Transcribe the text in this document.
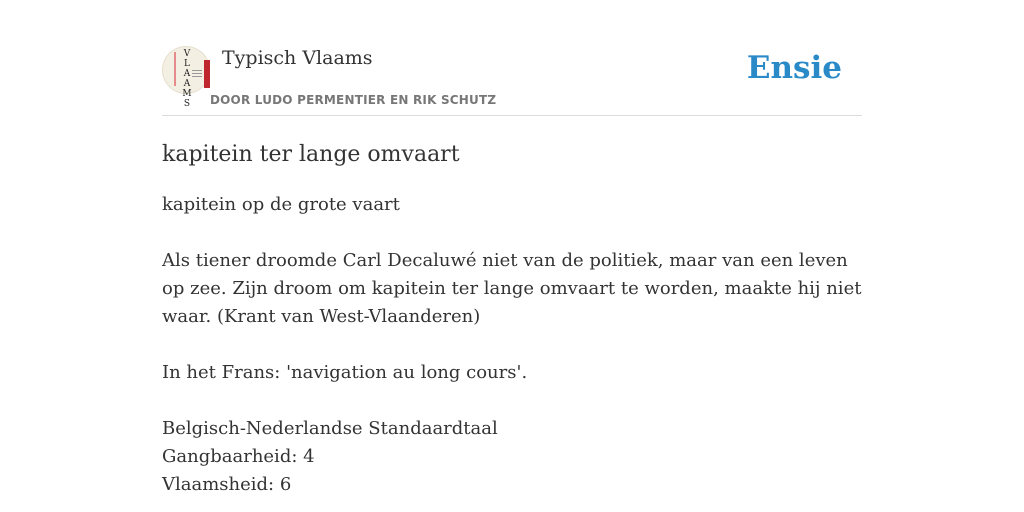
V
L
A
A
M
S
Typisch Vlaams
DOOR LUDO PERMENTIER EN RIK SCHUTZ
Ensie
kapitein ter lange omvaart

kapitein op de grote vaart

Als tiener droomde Carl Decaluwé niet van de politiek, maar van een leven op zee. Zijn droom om kapitein ter lange omvaart te worden, maakte hij niet waar. (Krant van West-Vlaanderen)

In het Frans: 'navigation au long cours'.

Belgisch-Nederlandse Standaardtaal
Gangbaarheid: 4
Vlaamsheid: 6
